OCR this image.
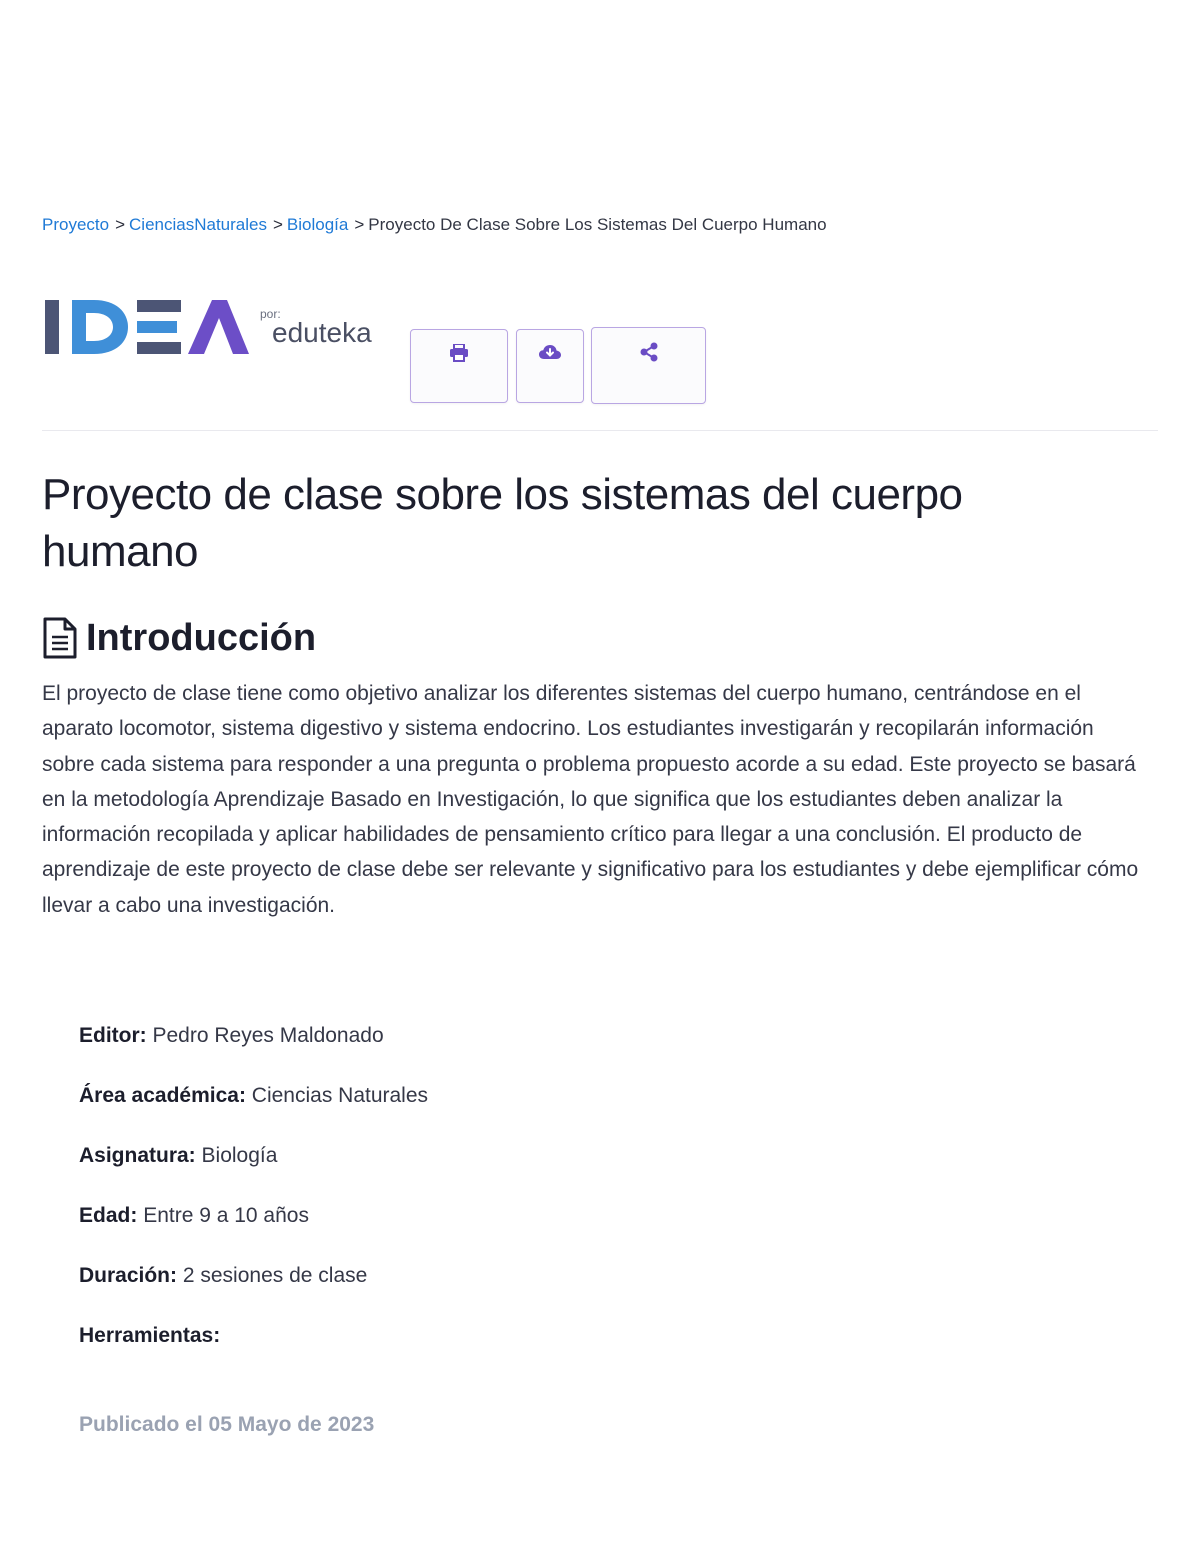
Proyecto > CienciasNaturales > Biología > Proyecto De Clase Sobre Los Sistemas Del Cuerpo Humano
por:
eduteka
Proyecto de clase sobre los sistemas del cuerpo humano
Introducción

El proyecto de clase tiene como objetivo analizar los diferentes sistemas del cuerpo humano, centrándose en el aparato locomotor, sistema digestivo y sistema endocrino. Los estudiantes investigarán y recopilarán información sobre cada sistema para responder a una pregunta o problema propuesto acorde a su edad. Este proyecto se basará en la metodología Aprendizaje Basado en Investigación, lo que significa que los estudiantes deben analizar la información recopilada y aplicar habilidades de pensamiento crítico para llegar a una conclusión. El producto de aprendizaje de este proyecto de clase debe ser relevante y significativo para los estudiantes y debe ejemplificar cómo llevar a cabo una investigación.

Editor: Pedro Reyes Maldonado
Área académica: Ciencias Naturales
Asignatura: Biología
Edad: Entre 9 a 10 años
Duración: 2 sesiones de clase
Herramientas:
Publicado el 05 Mayo de 2023
